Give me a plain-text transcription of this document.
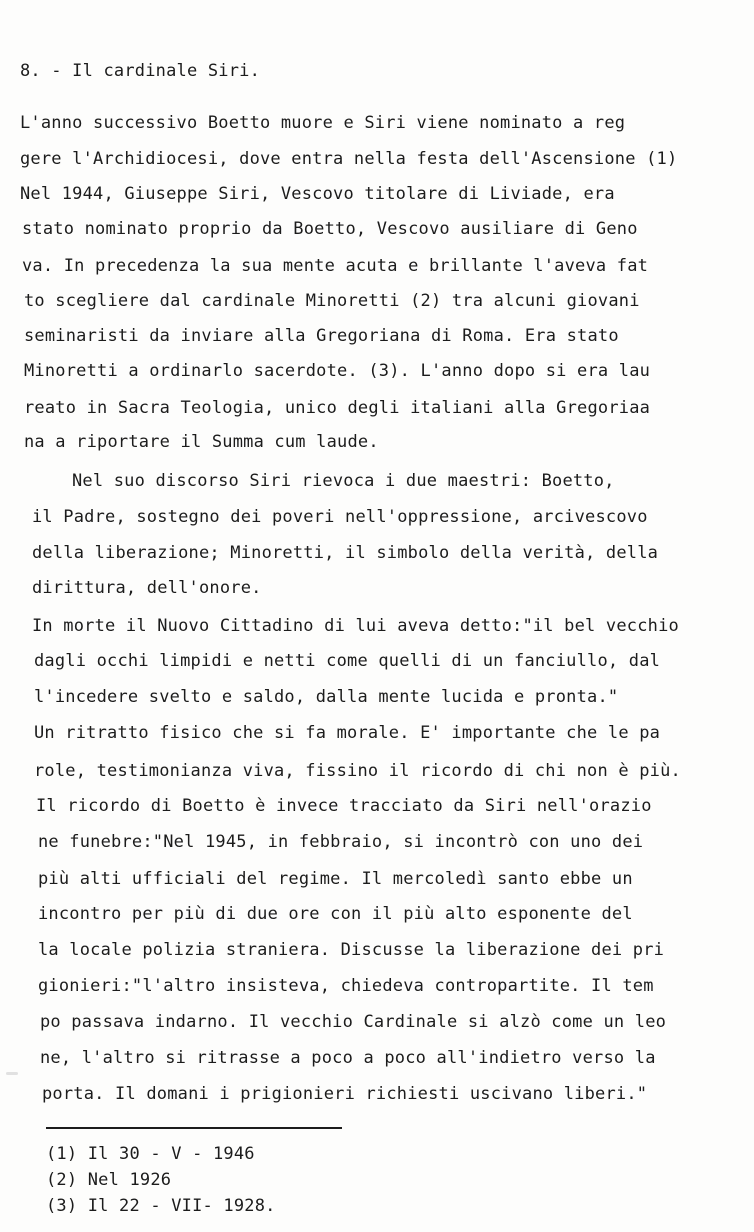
8. - Il cardinale Siri.
L'anno successivo Boetto muore e Siri viene nominato a reg
gere l'Archidiocesi, dove entra nella festa dell'Ascensione (1)
Nel 1944, Giuseppe Siri, Vescovo titolare di Liviade, era
stato nominato proprio da Boetto, Vescovo ausiliare di Geno
va. In precedenza la sua mente acuta e brillante l'aveva fat
to scegliere dal cardinale Minoretti (2) tra alcuni giovani
seminaristi da inviare alla Gregoriana di Roma. Era stato
Minoretti a ordinarlo sacerdote. (3). L'anno dopo si era lau
reato in Sacra Teologia, unico degli italiani alla Gregoriaa
na a riportare il Summa cum laude.
Nel suo discorso Siri rievoca i due maestri: Boetto,
il Padre, sostegno dei poveri nell'oppressione, arcivescovo
della liberazione; Minoretti, il simbolo della verità, della
dirittura, dell'onore.
In morte il Nuovo Cittadino di lui aveva detto:"il bel vecchio
dagli occhi limpidi e netti come quelli di un fanciullo, dal
l'incedere svelto e saldo, dalla mente lucida e pronta."
Un ritratto fisico che si fa morale. E' importante che le pa
role, testimonianza viva, fissino il ricordo di chi non è più.
Il ricordo di Boetto è invece tracciato da Siri nell'orazio
ne funebre:"Nel 1945, in febbraio, si incontrò con uno dei
più alti ufficiali del regime. Il mercoledì santo ebbe un
incontro per più di due ore con il più alto esponente del
la locale polizia straniera. Discusse la liberazione dei pri
gionieri:"l'altro insisteva, chiedeva contropartite. Il tem
po passava indarno. Il vecchio Cardinale si alzò come un leo
ne, l'altro si ritrasse a poco a poco all'indietro verso la
porta. Il domani i prigionieri richiesti uscivano liberi."
(1) Il 30 - V - 1946
(2) Nel 1926
(3) Il 22 - VII- 1928.
